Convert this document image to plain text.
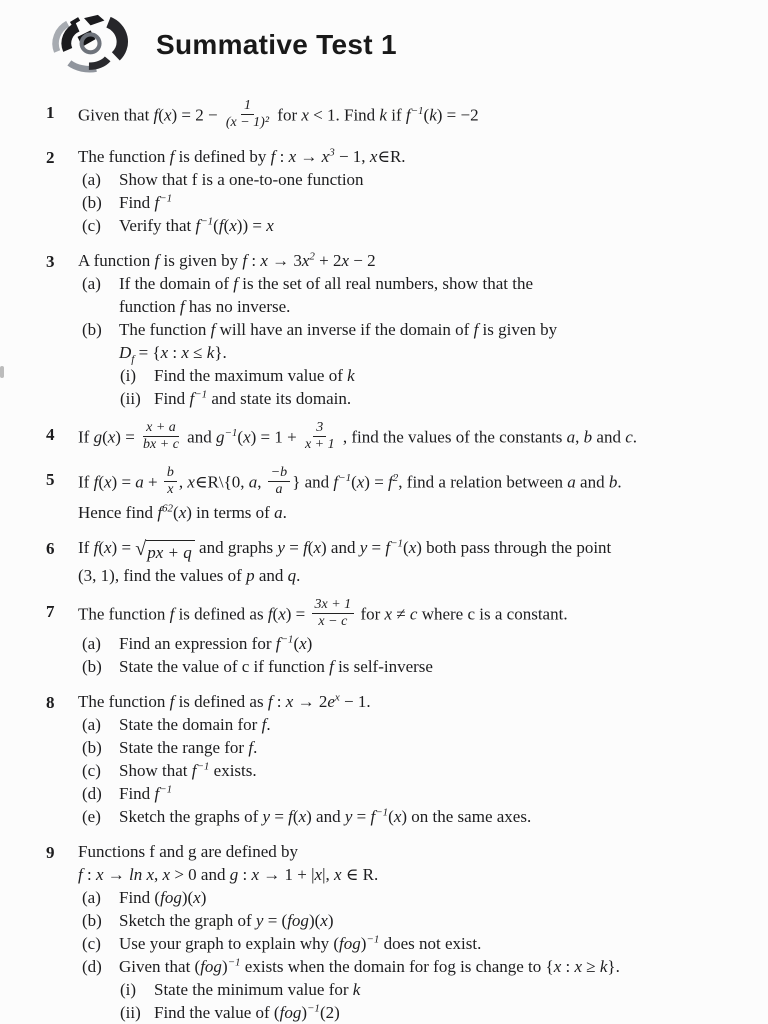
Summative Test 1
1	Given that $f(x) = 2 - \frac{1}{\text{(x − 1)²}}$ for x < 1. Find k if $f^{-1}(k) = -2$
2	The function f is defined by f : $x \to x^3 - 1$, x∈R.
(a) Show that f is a one-to-one function
(b) Find $f^{-1}$
(c) Verify that $f^{-1}(f(x)) = x$
3	A function f is given by f : $x \to 3x^2 + 2x - 2$
(a) If the domain of f is the set of all real numbers, show that the
function f has no inverse.
(b) The function f will have an inverse if the domain of f is given by
$D_f = \{x$ : x ≤ k}.
(i) Find the maximum value of k
(ii) Find $f^{-1}$ and state its domain.
4	If $g(x) = \frac{x + a}{bx + c}$ and $g^{-1}(x) = 1 + \frac{3}{x + 1}$ , find the values of the constants a, b and c.
5	If $f(x) = a + \frac{b}{x}$ , x∈R\{0, a, $\frac{-b}{a}$ } and $f^{-1}(x) = f^2$, find a relation between a and b.
Hence find $f^{62}(x)$ in terms of a.
6	If f(x) = √ px + q and graphs y = f(x) and $y = f^{-1}(x)$ both pass through the point
(3, 1), find the values of p and q.
7	The function f is defined as $f(x) = \frac{3x + 1}{x - c}$ for x ≠ c where c is a constant.
(a) Find an expression for $f^{-1}(x)$
(b) State the value of c if function f is self-inverse
8	The function f is defined as f : $x \to 2e^x - 1$.
(a) State the domain for f.
(b) State the range for f.
(c) Show that $f^{-1}$ exists.
(d) Find $f^{-1}$
(e) Sketch the graphs of y = f(x) and $y = f^{-1}(x)$ on the same axes.
9	Functions f and g are defined by
f : x → ln x, x > 0 and g : x → 1 + |x|, x ∈ R.
(a) Find (fog)(x)
(b) Sketch the graph of y = (fog)(x)
(c) Use your graph to explain why (fog)$^{-1}$ does not exist.
(d) Given that (fog)$^{-1}$ exists when the domain for fog is change to {x : x ≥ k}.
(i) State the minimum value for k
(ii) Find the value of (fog)$^{-1}$(2)
